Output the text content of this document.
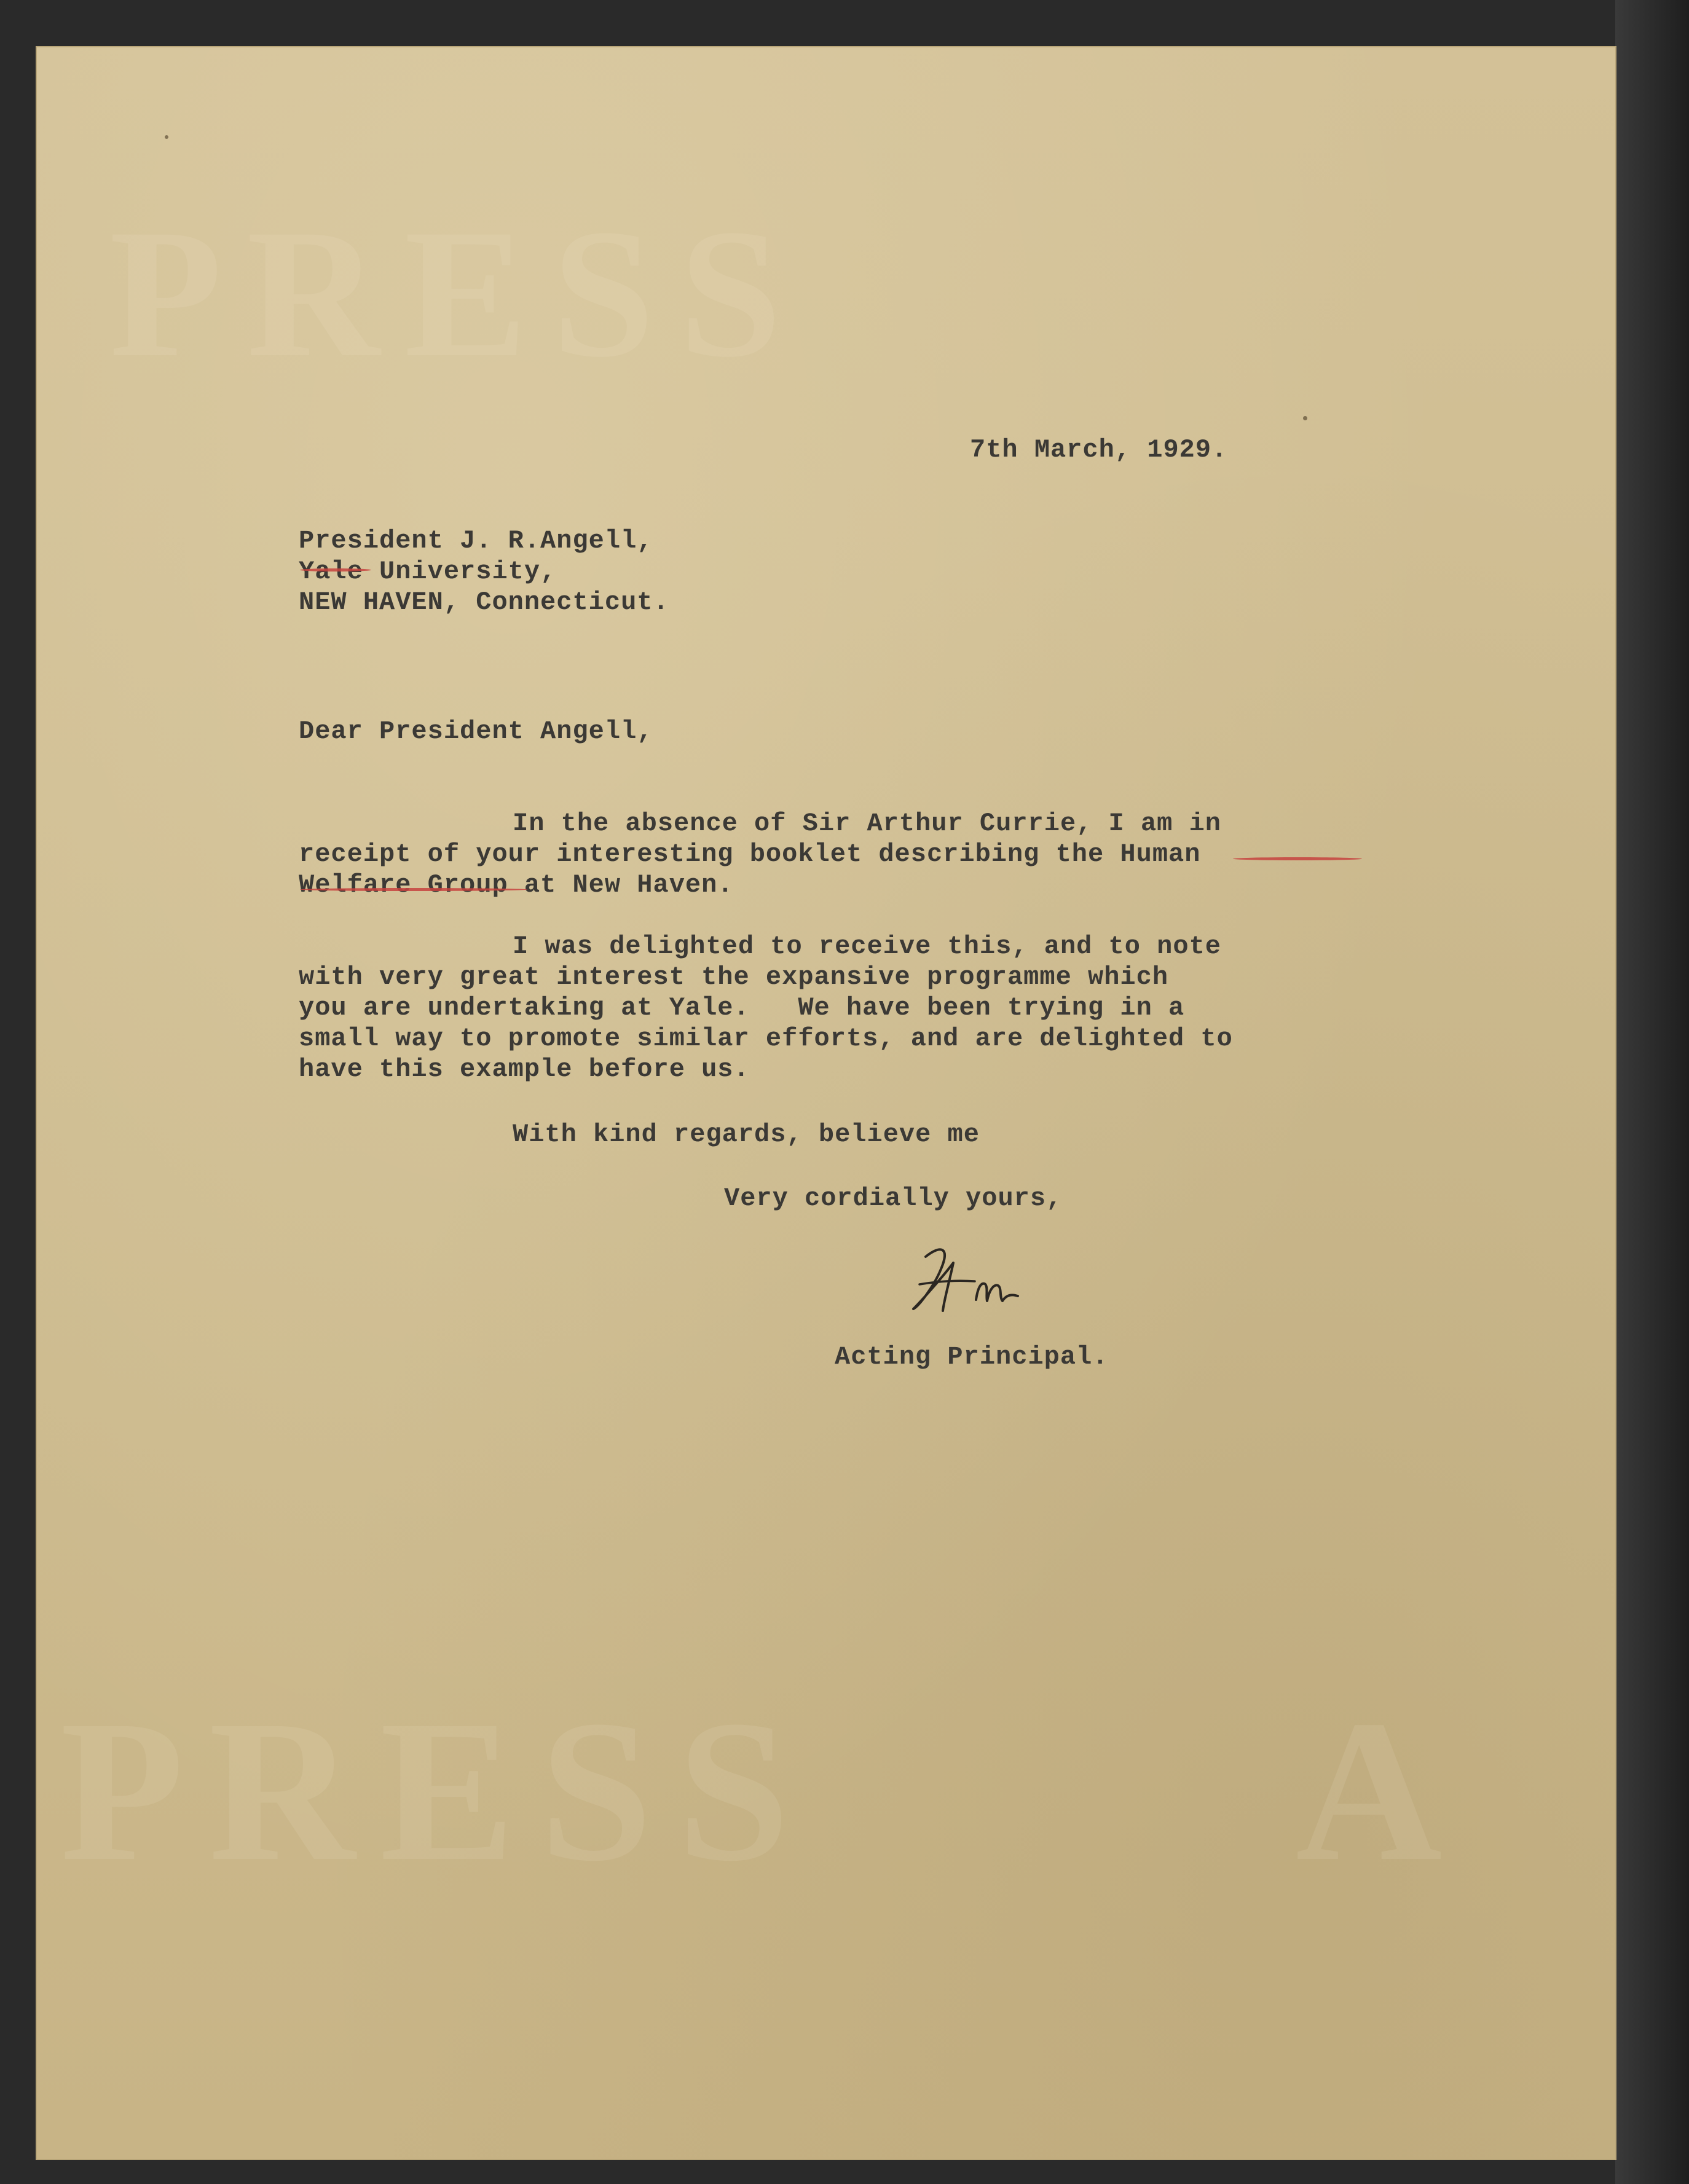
PRESS
PRESS A
7th March, 1929.
President J. R.Angell,
Yale University,
NEW HAVEN, Connecticut.
Dear President Angell,
In the absence of Sir Arthur Currie, I am in
receipt of your interesting booklet describing the Human
Welfare Group at New Haven.
I was delighted to receive this, and to note
with very great interest the expansive programme which
you are undertaking at Yale.   We have been trying in a
small way to promote similar efforts, and are delighted to
have this example before us.
With kind regards, believe me
Very cordially yours,
Acting Principal.
